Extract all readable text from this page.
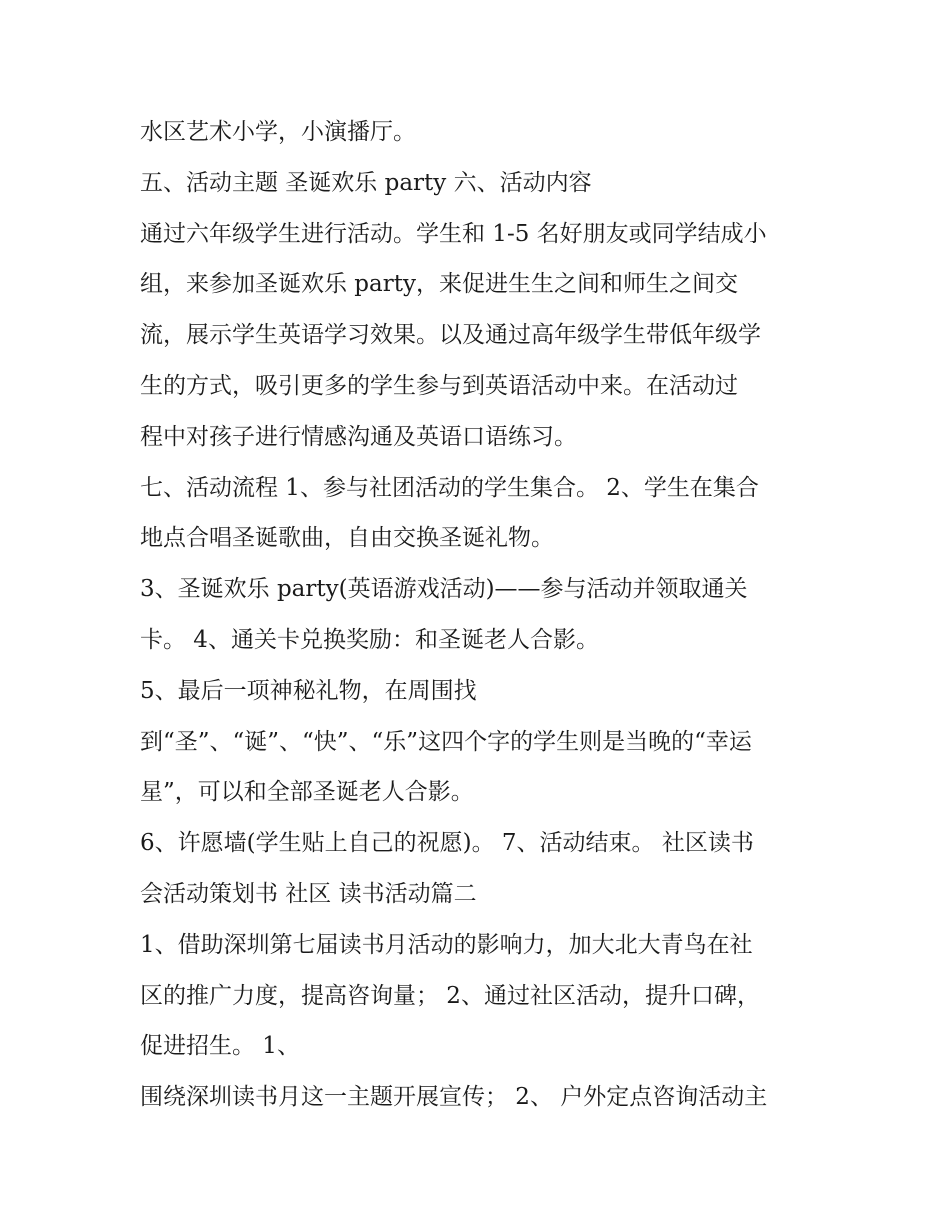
水区艺术小学，小演播厅。
五、活动主题 圣诞欢乐 party 六、活动内容
通过六年级学生进行活动。学生和 1-5 名好朋友或同学结成小
组，来参加圣诞欢乐 party，来促进生生之间和师生之间交
流，展示学生英语学习效果。以及通过高年级学生带低年级学
生的方式，吸引更多的学生参与到英语活动中来。在活动过
程中对孩子进行情感沟通及英语口语练习。
七、活动流程 1、参与社团活动的学生集合。 2、学生在集合
地点合唱圣诞歌曲，自由交换圣诞礼物。
3、圣诞欢乐 party(英语游戏活动)——参与活动并领取通关
卡。 4、通关卡兑换奖励：和圣诞老人合影。
5、最后一项神秘礼物，在周围找
到“圣”、“诞”、“快”、“乐”这四个字的学生则是当晚的“幸运
星”，可以和全部圣诞老人合影。
6、许愿墙(学生贴上自己的祝愿)。 7、活动结束。 社区读书
会活动策划书 社区 读书活动篇二
1、借助深圳第七届读书月活动的影响力，加大北大青鸟在社
区的推广力度，提高咨询量； 2、通过社区活动，提升口碑，
促进招生。 1、
围绕深圳读书月这一主题开展宣传； 2、 户外定点咨询活动主
